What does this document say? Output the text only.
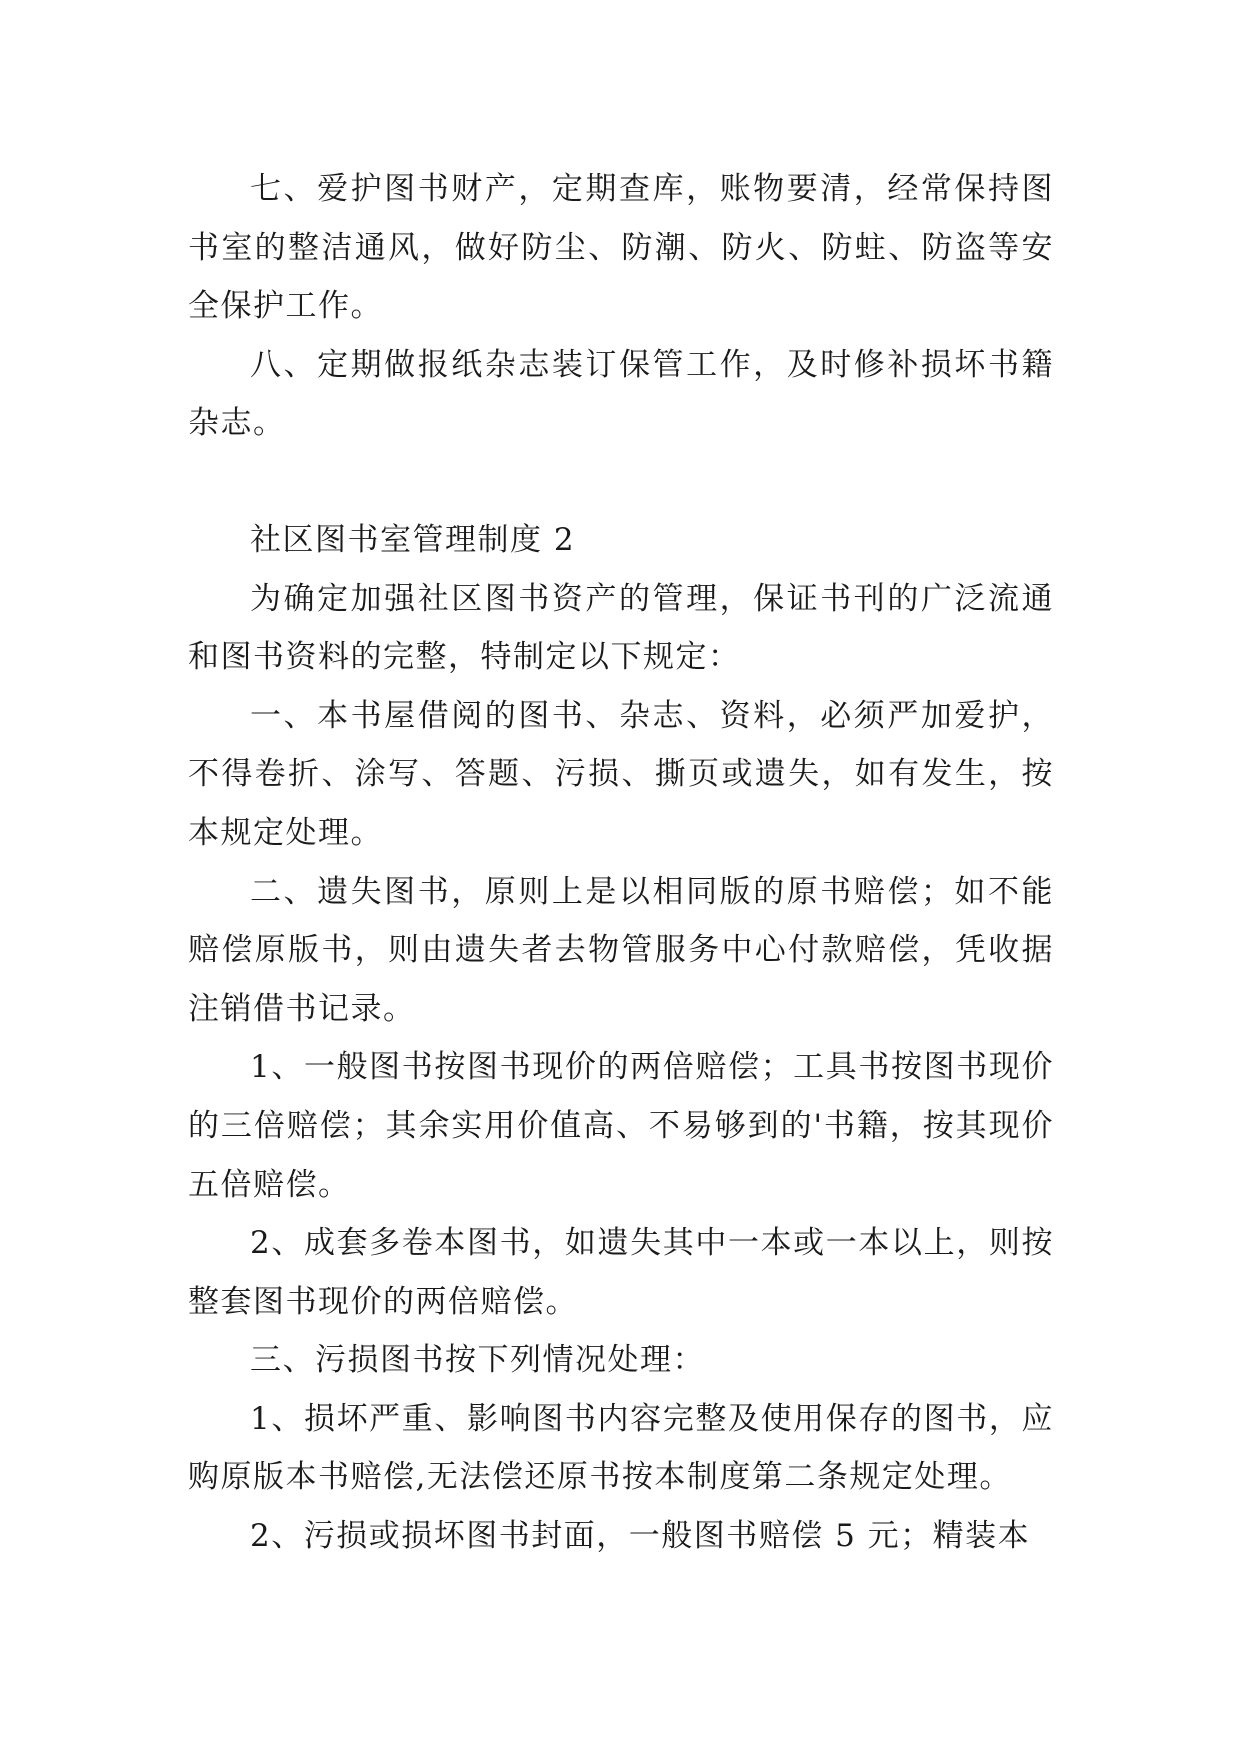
七、爱护图书财产，定期查库，账物要清，经常保持图书室的整洁通风，做好防尘、防潮、防火、防蛀、防盗等安全保护工作。

八、定期做报纸杂志装订保管工作，及时修补损坏书籍杂志。

社区图书室管理制度 2

为确定加强社区图书资产的管理，保证书刊的广泛流通和图书资料的完整，特制定以下规定：

一、本书屋借阅的图书、杂志、资料，必须严加爱护，不得卷折、涂写、答题、污损、撕页或遗失，如有发生，按本规定处理。

二、遗失图书，原则上是以相同版的原书赔偿；如不能赔偿原版书，则由遗失者去物管服务中心付款赔偿，凭收据注销借书记录。

1、一般图书按图书现价的两倍赔偿；工具书按图书现价的三倍赔偿；其余实用价值高、不易够到的'书籍，按其现价五倍赔偿。

2、成套多卷本图书，如遗失其中一本或一本以上，则按整套图书现价的两倍赔偿。

三、污损图书按下列情况处理：

1、损坏严重、影响图书内容完整及使用保存的图书，应购原版本书赔偿,无法偿还原书按本制度第二条规定处理。

2、污损或损坏图书封面，一般图书赔偿 5 元；精装本
